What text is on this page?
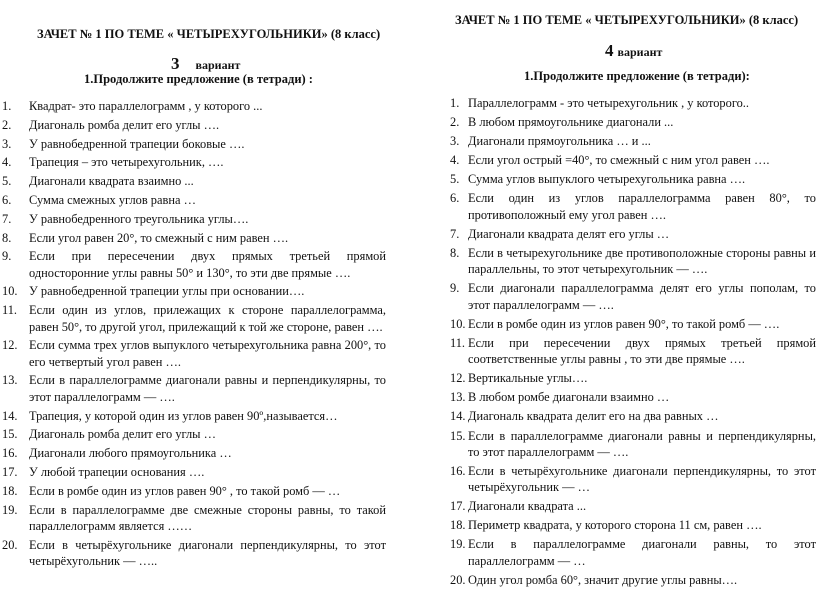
ЗАЧЕТ № 1 ПО ТЕМЕ « ЧЕТЫРЕХУГОЛЬНИКИ» (8 класс)
3 вариант
1.Продолжите предложение (в тетради) :
1. Квадрат- это параллелограмм , у которого ...
2. Диагональ ромба делит его углы ….
3. У равнобедренной трапеции боковые ….
4. Трапеция – это четырехугольник, ….
5. Диагонали квадрата взаимно ...
6. Сумма смежных углов равна …
7. У равнобедренного треугольника углы….
8. Если угол равен 20°, то смежный с ним равен ….
9. Если при пересечении двух прямых третьей прямой односторонние углы равны 50° и 130°, то эти две прямые ….
10. У равнобедренной трапеции углы при основании….
11. Если один из углов, прилежащих к стороне параллелограмма, равен 50°, то другой угол, прилежащий к той же стороне, равен ….
12. Если сумма трех углов выпуклого четырехугольника равна 200°, то его четвертый угол равен ….
13. Если в параллелограмме диагонали равны и перпендикулярны, то этот параллелограмм — ….
14. Трапеция, у которой один из углов равен 90º,называется…
15. Диагональ ромба делит его углы …
16. Диагонали любого прямоугольника …
17. У любой трапеции основания ….
18. Если в ромбе один из углов равен 90° , то такой ромб — …
19. Если в параллелограмме две смежные стороны равны, то такой параллелограмм является ……
20. Если в четырёхугольнике диагонали перпендикулярны, то этот четырёхугольник — …..
ЗАЧЕТ № 1 ПО ТЕМЕ « ЧЕТЫРЕХУГОЛЬНИКИ» (8 класс)
4 вариант
1.Продолжите предложение (в тетради):
1. Параллелограмм - это четырехугольник , у которого..
2. В любом прямоугольнике диагонали ...
3. Диагонали прямоугольника … и ...
4. Если угол острый =40°, то смежный с ним угол равен ….
5. Сумма углов выпуклого четырехугольника равна ….
6. Если один из углов параллелограмма равен 80°, то противоположный ему угол равен ….
7. Диагонали квадрата делят его углы …
8. Если в четырехугольнике две противоположные стороны равны и параллельны, то этот четырехугольник — ….
9. Если диагонали параллелограмма делят его углы пополам, то этот параллелограмм — ….
10. Если в ромбе один из углов равен 90°, то такой ромб — ….
11. Если при пересечении двух прямых третьей прямой соответственные углы равны , то эти две прямые ….
12. Вертикальные углы….
13. В любом ромбе диагонали взаимно …
14. Диагональ квадрата делит его на два равных …
15. Если в параллелограмме диагонали равны и перпендикулярны, то этот параллелограмм — ….
16. Если в четырёхугольнике диагонали перпендикулярны, то этот четырёхугольник — …
17. Диагонали квадрата ...
18. Периметр квадрата, у которого сторона 11 см, равен ….
19. Если в параллелограмме диагонали равны, то этот параллелограмм — …
20. Один угол ромба 60°, значит другие углы равны….
